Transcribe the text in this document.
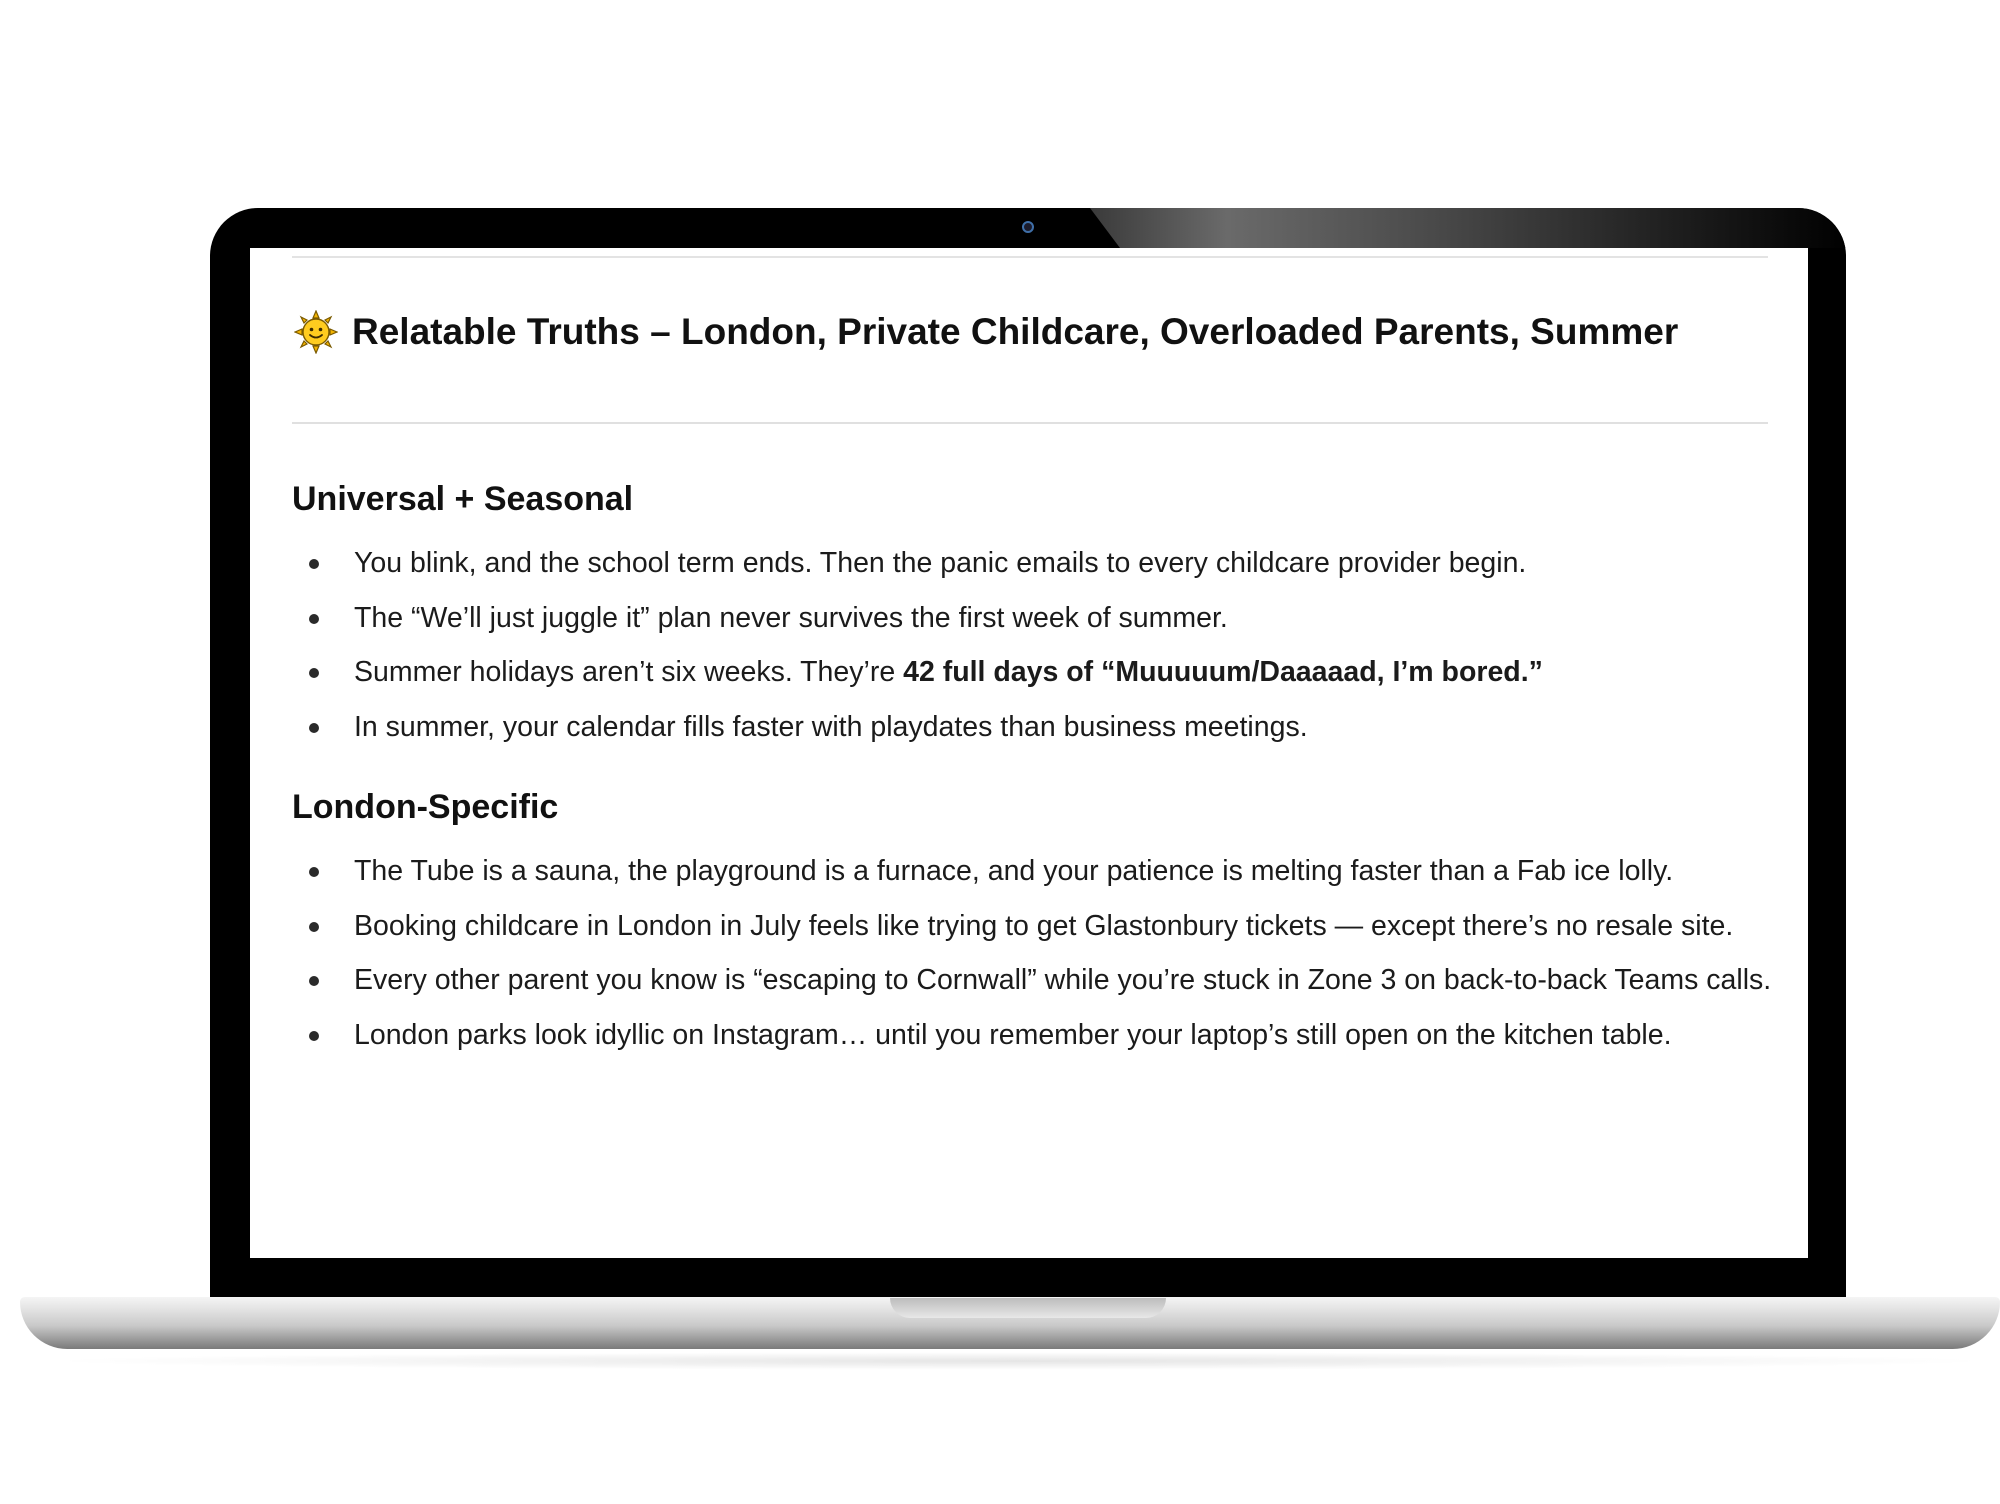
Relatable Truths – London, Private Childcare, Overloaded Parents, Summer
Universal + Seasonal
You blink, and the school term ends. Then the panic emails to every childcare provider begin.
The “We’ll just juggle it” plan never survives the first week of summer.
Summer holidays aren’t six weeks. They’re 42 full days of “Muuuuum/Daaaaad, I’m bored.”
In summer, your calendar fills faster with playdates than business meetings.
London-Specific
The Tube is a sauna, the playground is a furnace, and your patience is melting faster than a Fab ice lolly.
Booking childcare in London in July feels like trying to get Glastonbury tickets — except there’s no resale site.
Every other parent you know is “escaping to Cornwall” while you’re stuck in Zone 3 on back-to-back Teams calls.
London parks look idyllic on Instagram… until you remember your laptop’s still open on the kitchen table.
